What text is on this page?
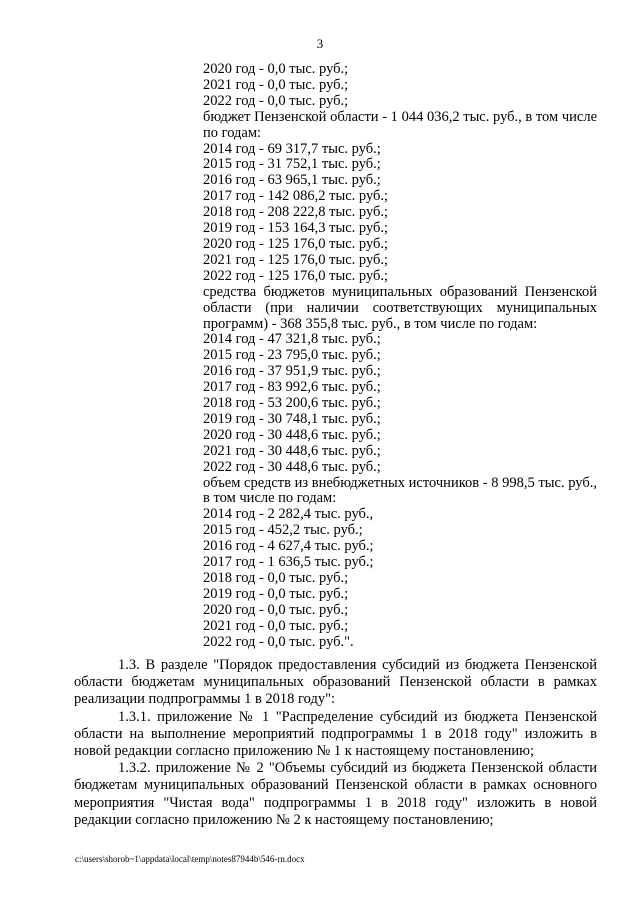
3
2020 год - 0,0 тыс. руб.;
2021 год - 0,0 тыс. руб.;
2022 год - 0,0 тыс. руб.;
бюджет Пензенской области - 1 044 036,2 тыс. руб., в том числе по годам:
2014 год - 69 317,7 тыс. руб.;
2015 год - 31 752,1 тыс. руб.;
2016 год - 63 965,1 тыс. руб.;
2017 год - 142 086,2 тыс. руб.;
2018 год - 208 222,8 тыс. руб.;
2019 год - 153 164,3 тыс. руб.;
2020 год - 125 176,0 тыс. руб.;
2021 год - 125 176,0 тыс. руб.;
2022 год - 125 176,0 тыс. руб.;
средства бюджетов муниципальных образований Пензенской области (при наличии соответствующих муниципальных программ) - 368 355,8 тыс. руб., в том числе по годам:
2014 год - 47 321,8 тыс. руб.;
2015 год - 23 795,0 тыс. руб.;
2016 год - 37 951,9 тыс. руб.;
2017 год - 83 992,6 тыс. руб.;
2018 год - 53 200,6 тыс. руб.;
2019 год - 30 748,1 тыс. руб.;
2020 год - 30 448,6 тыс. руб.;
2021 год - 30 448,6 тыс. руб.;
2022 год - 30 448,6 тыс. руб.;
объем средств из внебюджетных источников - 8 998,5 тыс. руб., в том числе по годам:
2014 год - 2 282,4 тыс. руб.,
2015 год - 452,2 тыс. руб.;
2016 год - 4 627,4 тыс. руб.;
2017 год - 1 636,5 тыс. руб.;
2018 год - 0,0 тыс. руб.;
2019 год - 0,0 тыс. руб.;
2020 год - 0,0 тыс. руб.;
2021 год - 0,0 тыс. руб.;
2022 год - 0,0 тыс. руб.".

1.3. В разделе "Порядок предоставления субсидий из бюджета Пензенской области бюджетам муниципальных образований Пензенской области в рамках реализации подпрограммы 1 в 2018 году":

1.3.1. приложение № 1 "Распределение субсидий из бюджета Пензенской области на выполнение мероприятий подпрограммы 1 в 2018 году" изложить в новой редакции согласно приложению № 1 к настоящему постановлению;

1.3.2. приложение № 2 "Объемы субсидий из бюджета Пензенской области бюджетам муниципальных образований Пензенской области в рамках основного мероприятия "Чистая вода" подпрограммы 1 в 2018 году" изложить в новой редакции согласно приложению № 2 к настоящему постановлению;

c:\users\shorob~1\appdata\local\temp\notes87944b\546-rn.docx
